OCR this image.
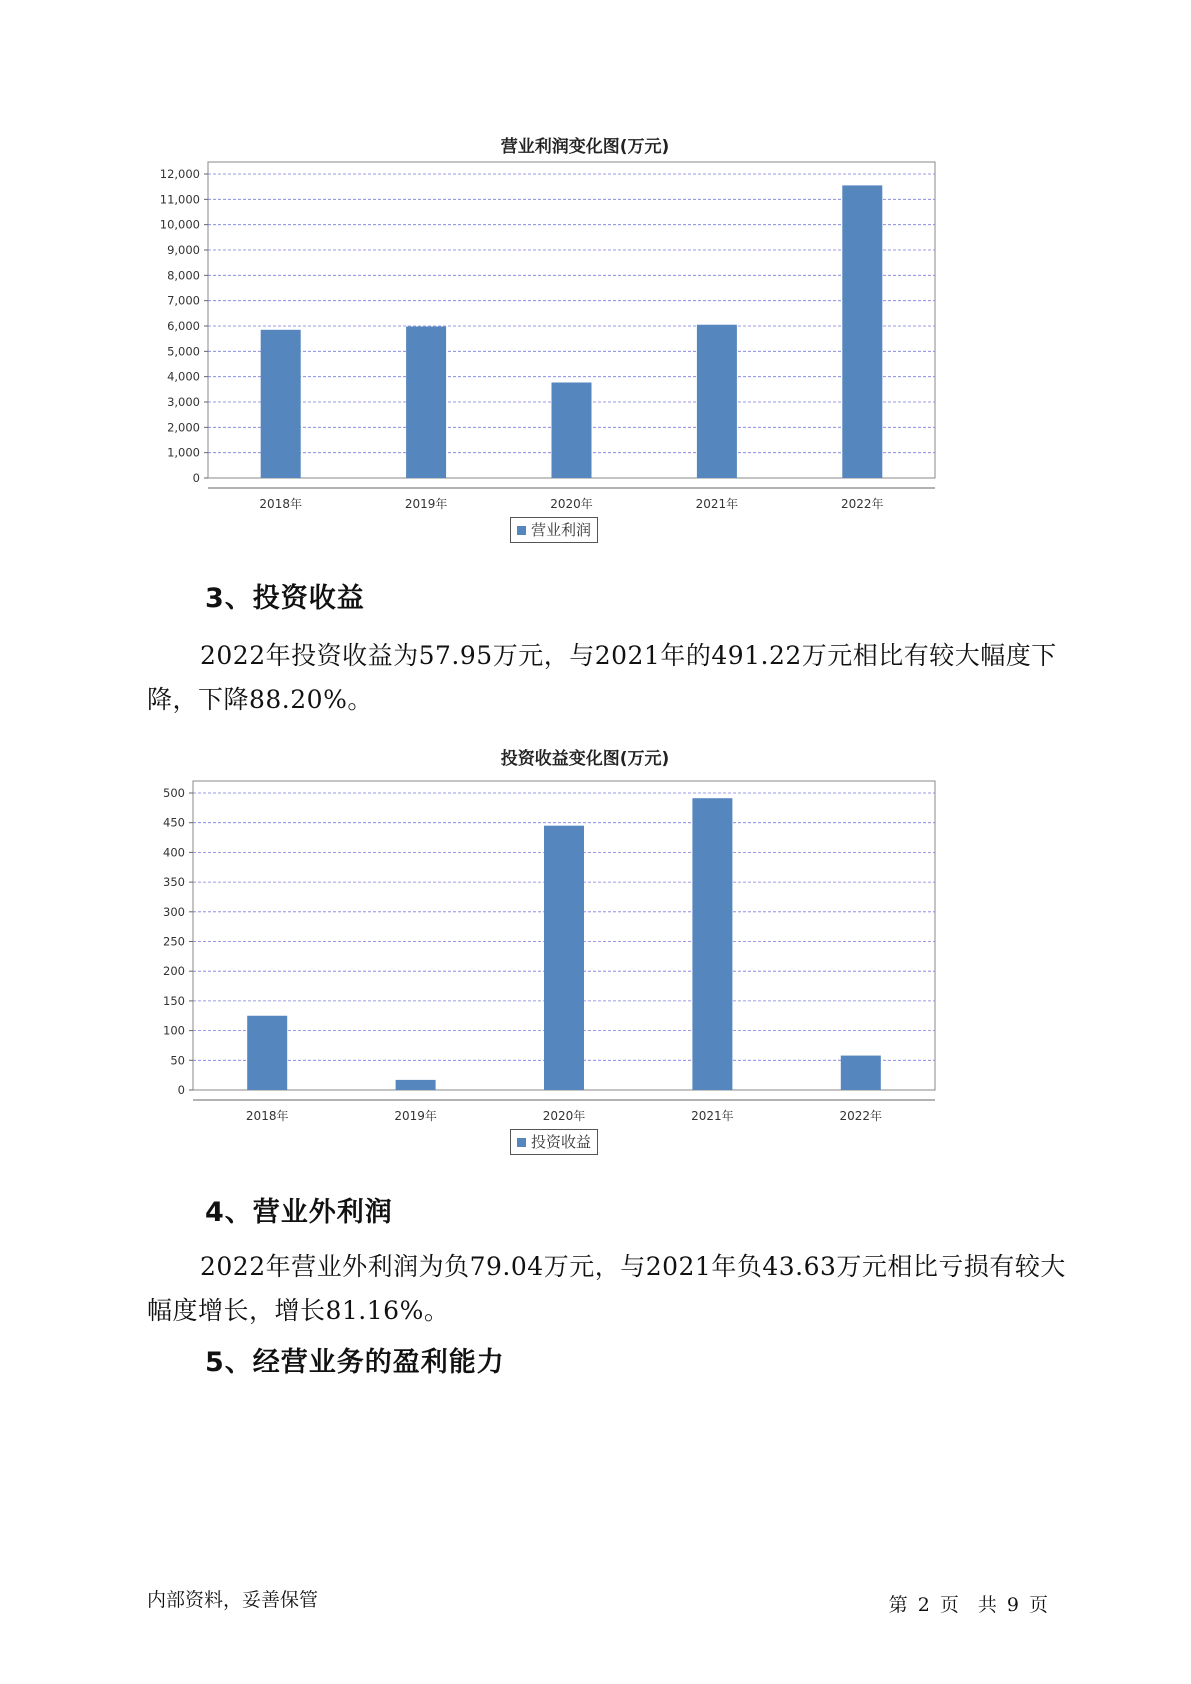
营业利润变化图(万元)
0
1,000
2,000
3,000
4,000
5,000
6,000
7,000
8,000
9,000
10,000
11,000
12,000
2018年	2019年	2020年	2021年	2022年
营业利润
3、投资收益

2022年投资收益为57.95万元，与2021年的491.22万元相比有较大幅度下降，下降88.20%。

投资收益变化图(万元)
0
50
100
150
200
250
300
350
400
450
500
2018年	2019年	2020年	2021年	2022年
投资收益
4、营业外利润

2022年营业外利润为负79.04万元，与2021年负43.63万元相比亏损有较大幅度增长，增长81.16%。

5、经营业务的盈利能力
内部资料，妥善保管	第 2 页　共 9 页
